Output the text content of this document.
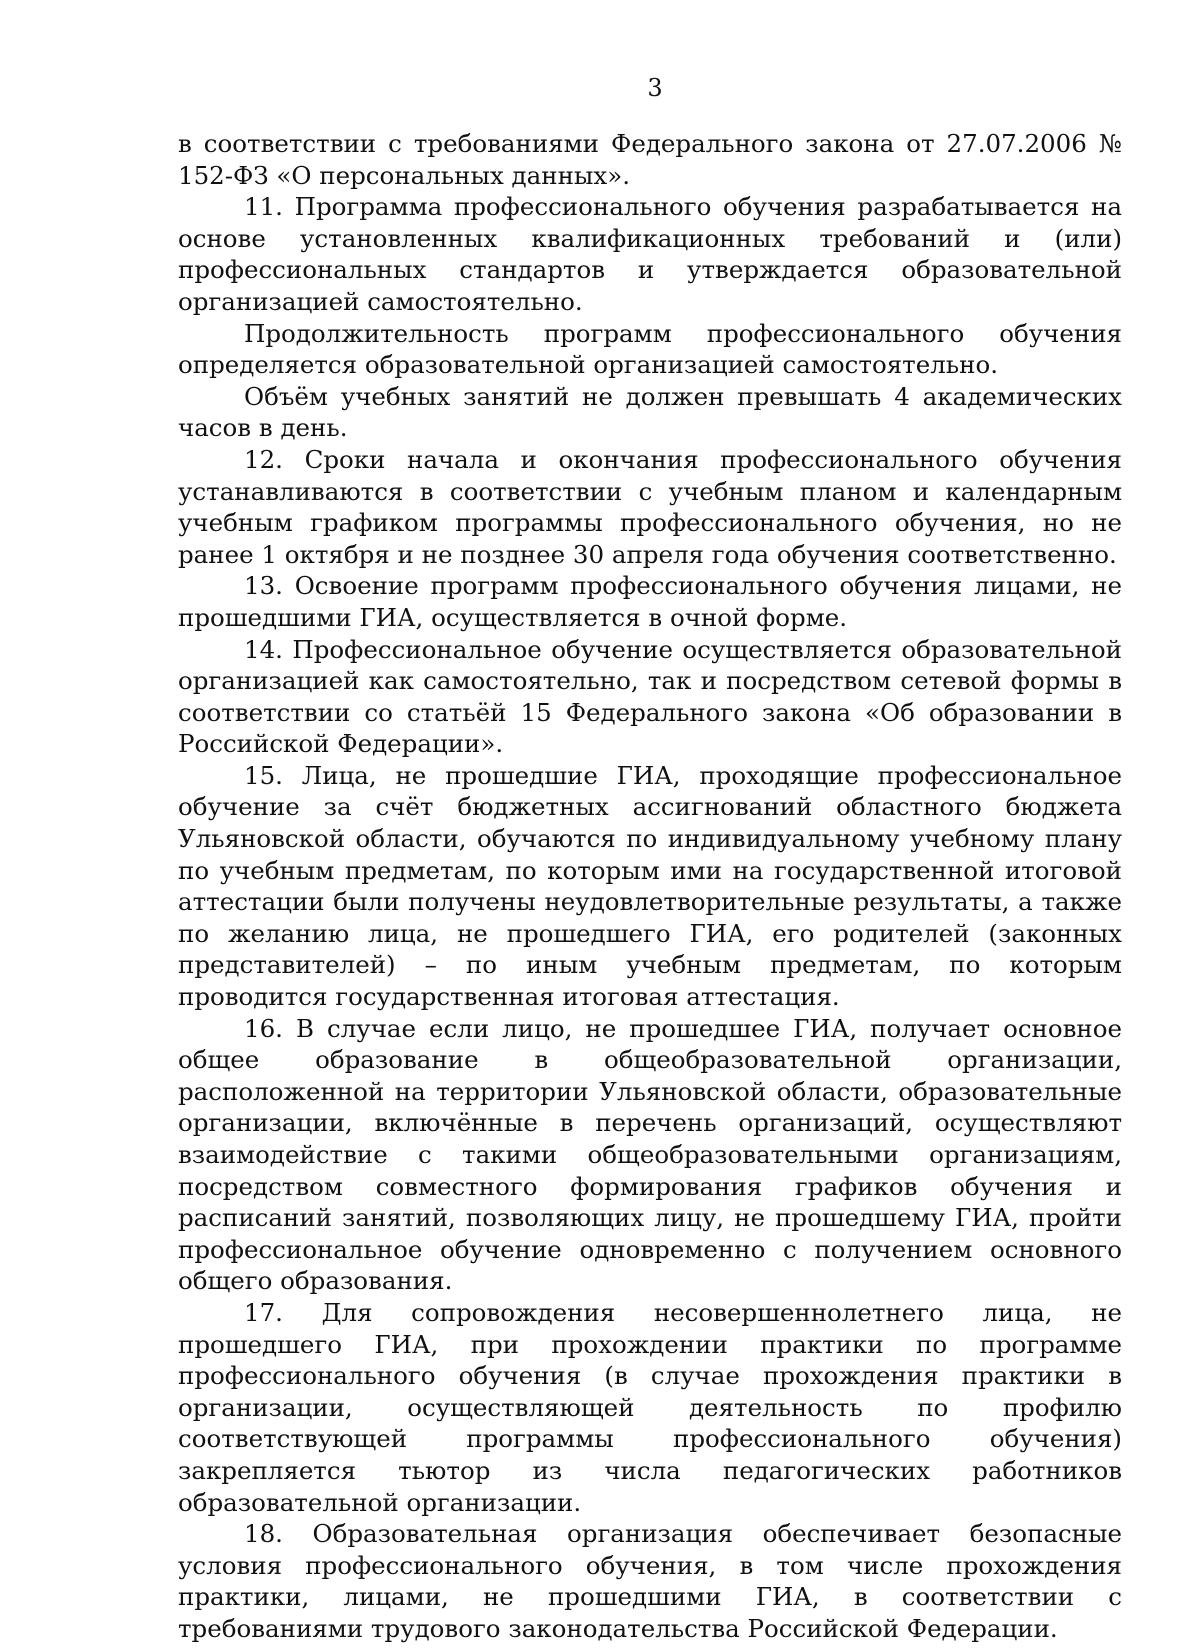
3

в соответствии с требованиями Федерального закона от 27.07.2006 № 152-ФЗ «О персональных данных».

11. Программа профессионального обучения разрабатывается на основе установленных квалификационных требований и (или) профессиональных стандартов и утверждается образовательной организацией самостоятельно.

Продолжительность программ профессионального обучения определяется образовательной организацией самостоятельно.

Объём учебных занятий не должен превышать 4 академических часов в день.

12. Сроки начала и окончания профессионального обучения устанавливаются в соответствии с учебным планом и календарным учебным графиком программы профессионального обучения, но не ранее 1 октября и не позднее 30 апреля года обучения соответственно.

13. Освоение программ профессионального обучения лицами, не прошедшими ГИА, осуществляется в очной форме.

14. Профессиональное обучение осуществляется образовательной организацией как самостоятельно, так и посредством сетевой формы в соответствии со статьёй 15 Федерального закона «Об образовании в Российской Федерации».

15. Лица, не прошедшие ГИА, проходящие профессиональное обучение за счёт бюджетных ассигнований областного бюджета Ульяновской области, обучаются по индивидуальному учебному плану по учебным предметам, по которым ими на государственной итоговой аттестации были получены неудовлетворительные результаты, а также по желанию лица, не прошедшего ГИА, его родителей (законных представителей) – по иным учебным предметам, по которым проводится государственная итоговая аттестация.

16. В случае если лицо, не прошедшее ГИА, получает основное общее образование в общеобразовательной организации, расположенной на территории Ульяновской области, образовательные организации, включённые в перечень организаций, осуществляют взаимодействие с такими общеобразовательными организациям, посредством совместного формирования графиков обучения и расписаний занятий, позволяющих лицу, не прошедшему ГИА, пройти профессиональное обучение одновременно с получением основного общего образования.

17. Для сопровождения несовершеннолетнего лица, не прошедшего ГИА, при прохождении практики по программе профессионального обучения (в случае прохождения практики в организации, осуществляющей деятельность по профилю соответствующей программы профессионального обучения) закрепляется тьютор из числа педагогических работников образовательной организации.

18. Образовательная организация обеспечивает безопасные условия профессионального обучения, в том числе прохождения практики, лицами, не прошедшими ГИА, в соответствии с требованиями трудового законодательства Российской Федерации.
